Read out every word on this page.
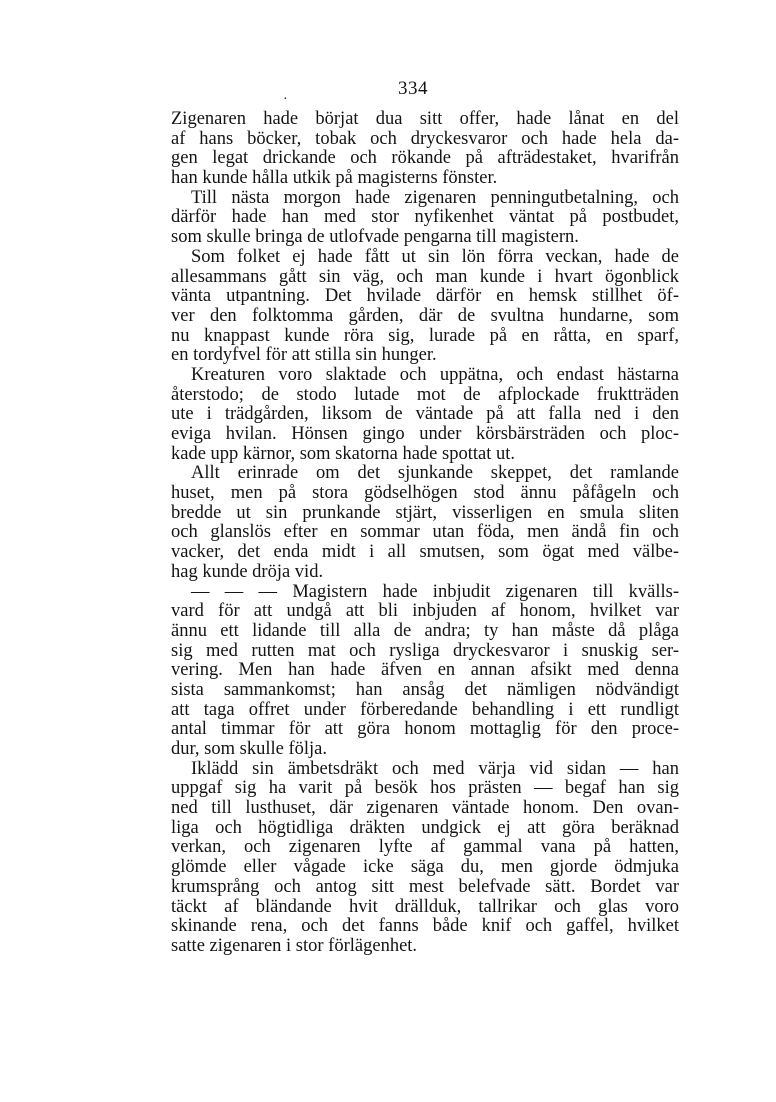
·
334
Zigenaren hade börjat dua sitt offer, hade lånat en del
af hans böcker, tobak och dryckesvaror och hade hela da-
gen legat drickande och rökande på afträdestaket, hvarifrån
han kunde hålla utkik på magisterns fönster.
Till nästa morgon hade zigenaren penningutbetalning, och
därför hade han med stor nyfikenhet väntat på postbudet,
som skulle bringa de utlofvade pengarna till magistern.
Som folket ej hade fått ut sin lön förra veckan, hade de
allesammans gått sin väg, och man kunde i hvart ögonblick
vänta utpantning. Det hvilade därför en hemsk stillhet öf-
ver den folktomma gården, där de svultna hundarne, som
nu knappast kunde röra sig, lurade på en råtta, en sparf,
en tordyfvel för att stilla sin hunger.
Kreaturen voro slaktade och uppätna, och endast hästarna
återstodo; de stodo lutade mot de afplockade fruktträden
ute i trädgården, liksom de väntade på att falla ned i den
eviga hvilan. Hönsen gingo under körsbärsträden och ploc-
kade upp kärnor, som skatorna hade spottat ut.
Allt erinrade om det sjunkande skeppet, det ramlande
huset, men på stora gödselhögen stod ännu påfågeln och
bredde ut sin prunkande stjärt, visserligen en smula sliten
och glanslös efter en sommar utan föda, men ändå fin och
vacker, det enda midt i all smutsen, som ögat med välbe-
hag kunde dröja vid.
— — — Magistern hade inbjudit zigenaren till kvälls-
vard för att undgå att bli inbjuden af honom, hvilket var
ännu ett lidande till alla de andra; ty han måste då plåga
sig med rutten mat och rysliga dryckesvaror i snuskig ser-
vering. Men han hade äfven en annan afsikt med denna
sista sammankomst; han ansåg det nämligen nödvändigt
att taga offret under förberedande behandling i ett rundligt
antal timmar för att göra honom mottaglig för den proce-
dur, som skulle följa.
Iklädd sin ämbetsdräkt och med värja vid sidan — han
uppgaf sig ha varit på besök hos prästen — begaf han sig
ned till lusthuset, där zigenaren väntade honom. Den ovan-
liga och högtidliga dräkten undgick ej att göra beräknad
verkan, och zigenaren lyfte af gammal vana på hatten,
glömde eller vågade icke säga du, men gjorde ödmjuka
krumsprång och antog sitt mest belefvade sätt. Bordet var
täckt af bländande hvit drällduk, tallrikar och glas voro
skinande rena, och det fanns både knif och gaffel, hvilket
satte zigenaren i stor förlägenhet.
